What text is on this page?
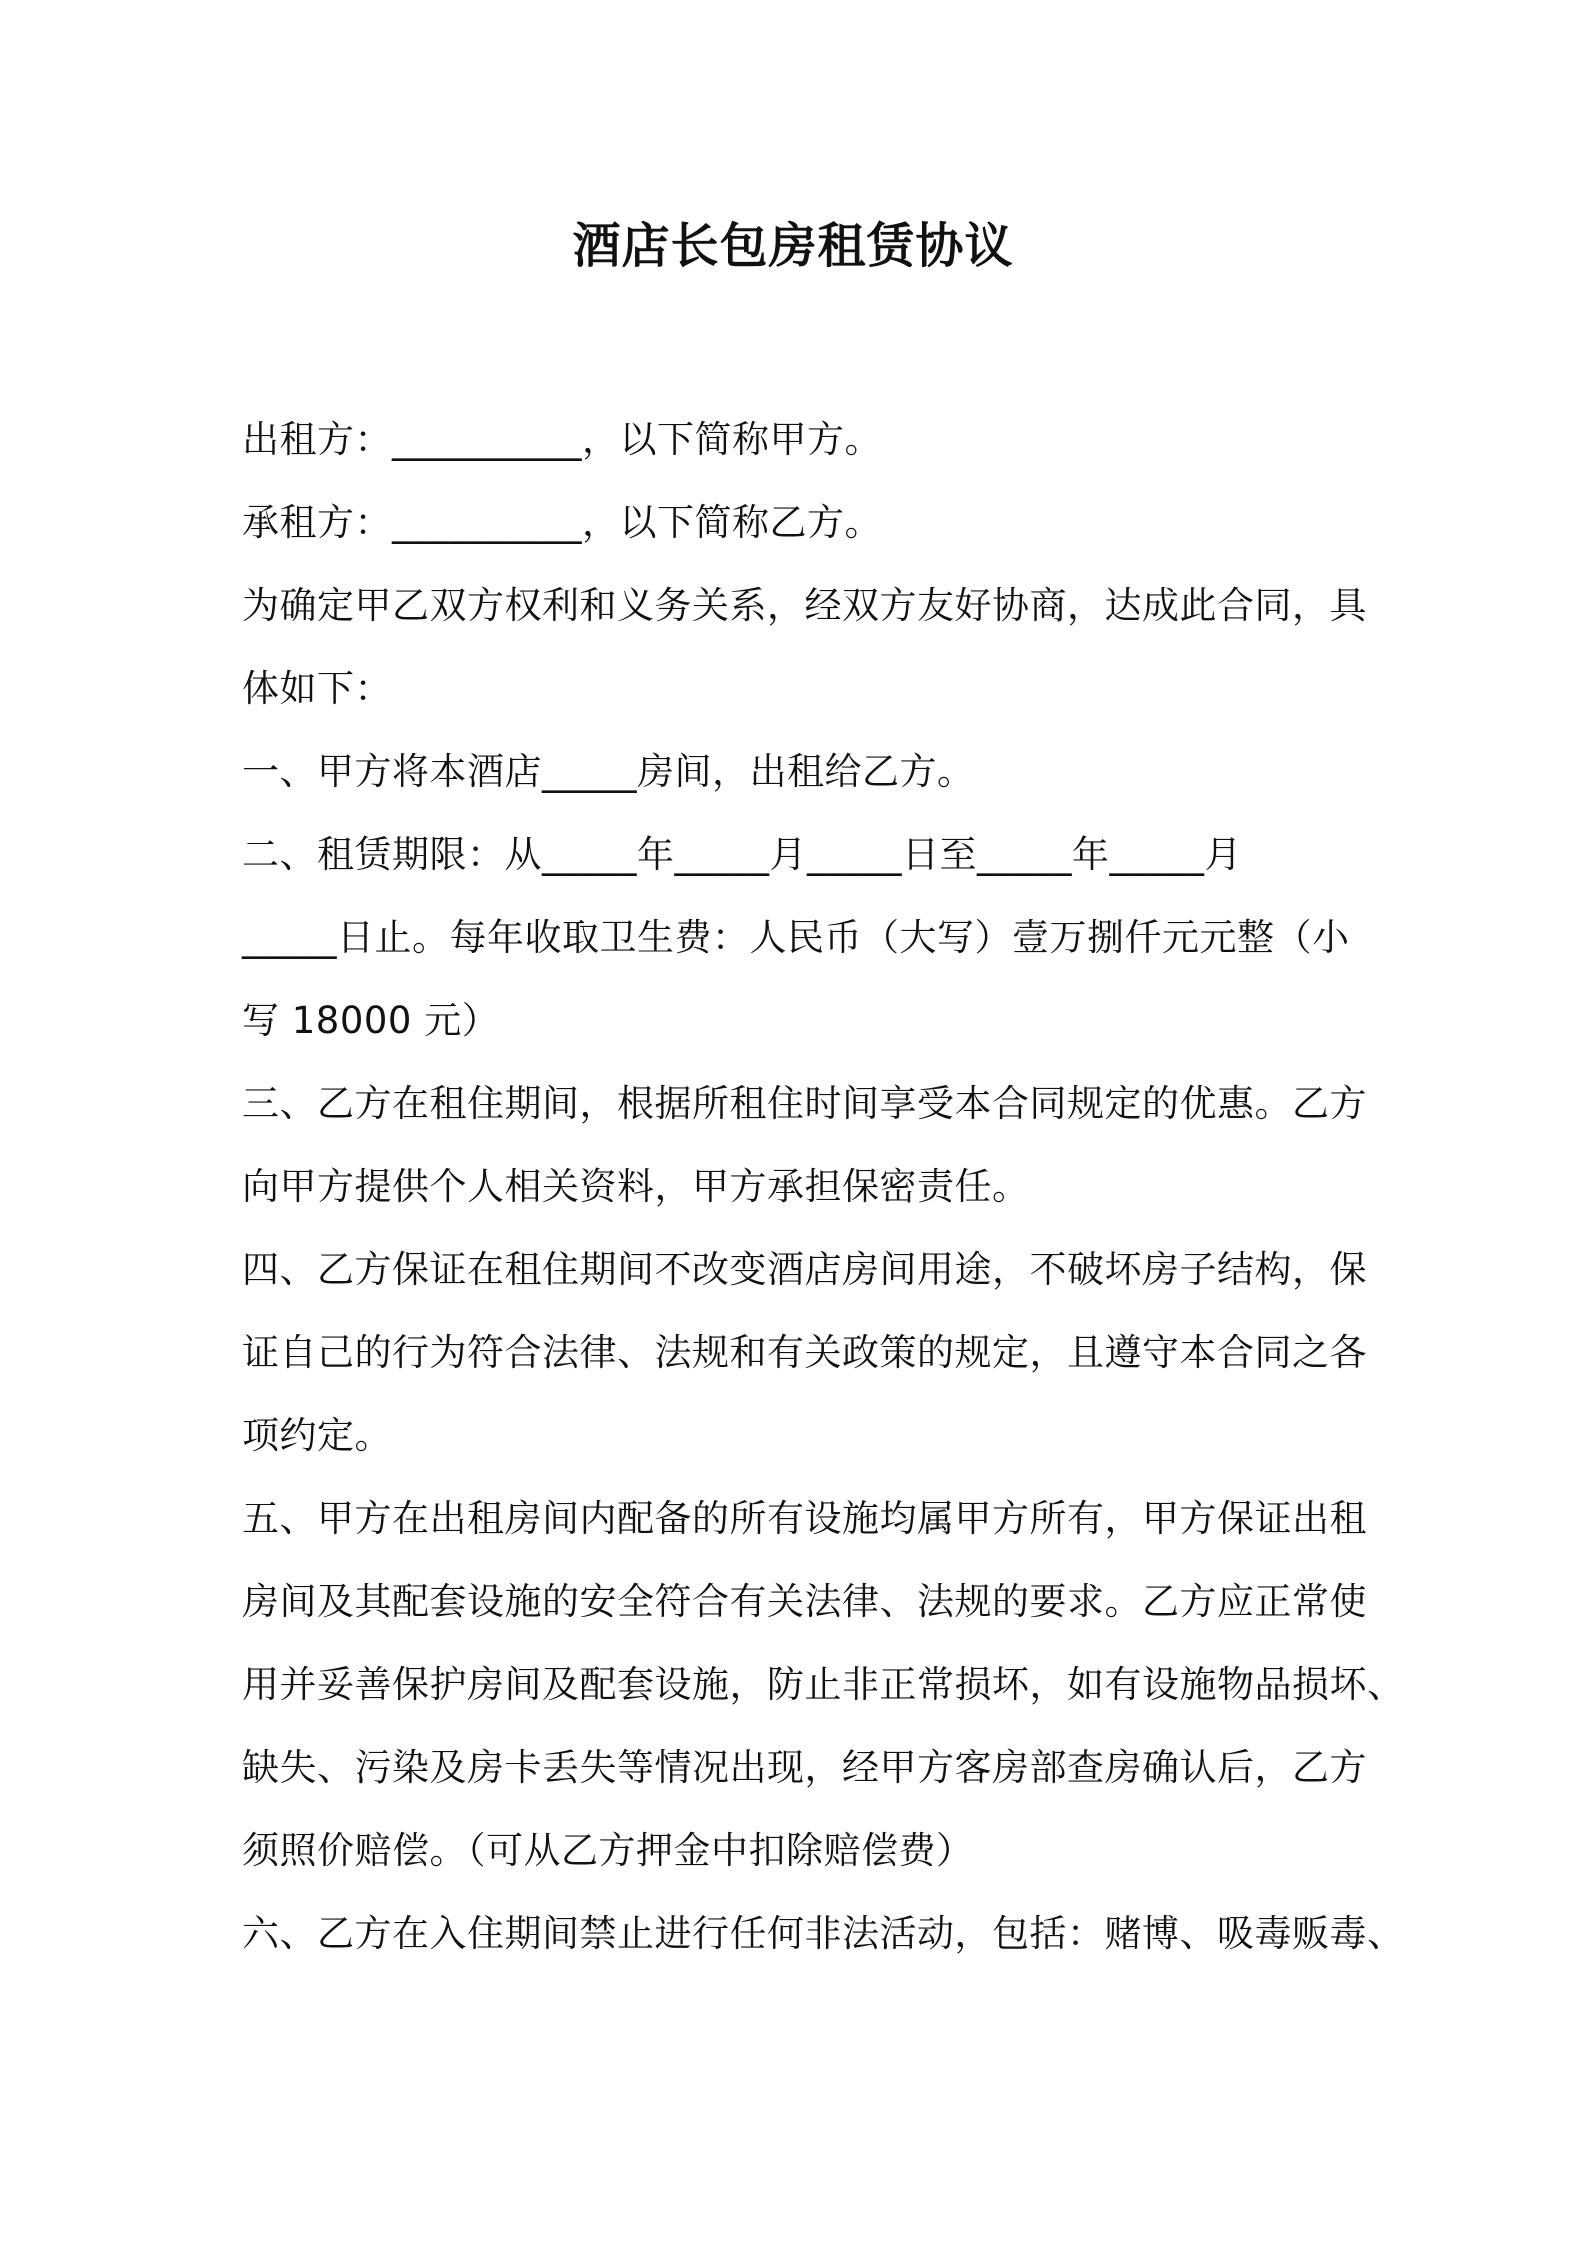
酒店长包房租赁协议
出租方：__________，以下简称甲方。
承租方：__________，以下简称乙方。
为确定甲乙双方权利和义务关系，经双方友好协商，达成此合同，具
体如下：
一、甲方将本酒店_____房间，出租给乙方。
二、租赁期限：从_____年_____月_____日至_____年_____月
_____日止。每年收取卫生费：人民币（大写）壹万捌仟元元整（小
写 18000 元）
三、乙方在租住期间，根据所租住时间享受本合同规定的优惠。乙方
向甲方提供个人相关资料，甲方承担保密责任。
四、乙方保证在租住期间不改变酒店房间用途，不破坏房子结构，保
证自己的行为符合法律、法规和有关政策的规定，且遵守本合同之各
项约定。
五、甲方在出租房间内配备的所有设施均属甲方所有，甲方保证出租
房间及其配套设施的安全符合有关法律、法规的要求。乙方应正常使
用并妥善保护房间及配套设施，防止非正常损坏，如有设施物品损坏、
缺失、污染及房卡丢失等情况出现，经甲方客房部查房确认后，乙方
须照价赔偿。（可从乙方押金中扣除赔偿费）
六、乙方在入住期间禁止进行任何非法活动，包括：赌博、吸毒贩毒、
